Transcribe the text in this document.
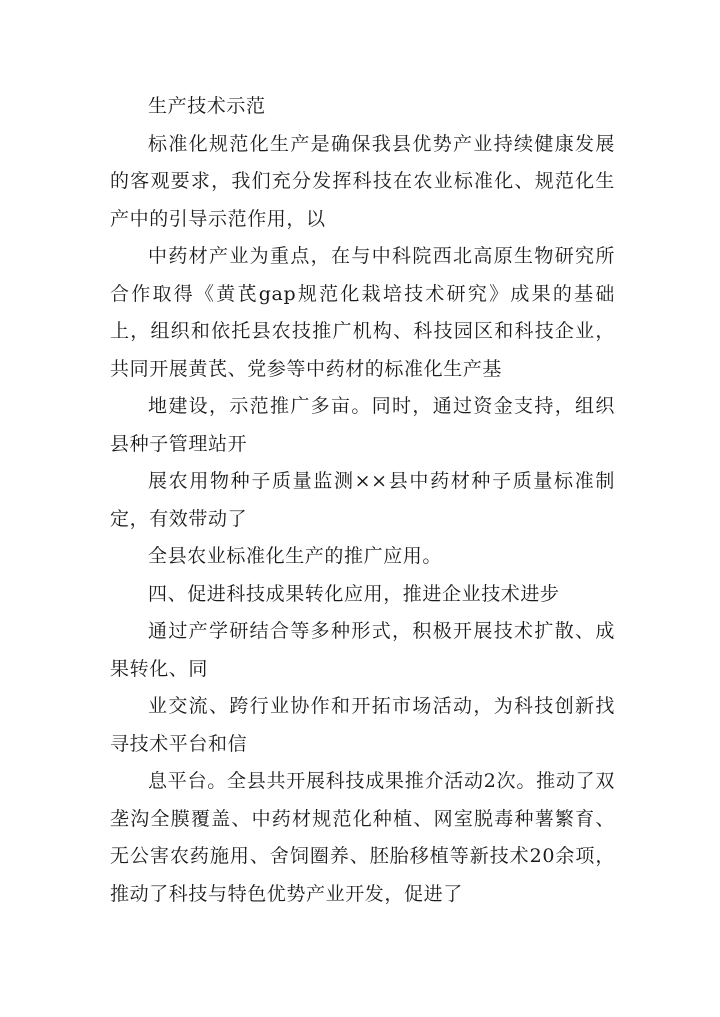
生产技术示范

标准化规范化生产是确保我县优势产业持续健康发展的客观要求，我们充分发挥科技在农业标准化、规范化生产中的引导示范作用，以

中药材产业为重点，在与中科院西北高原生物研究所合作取得《黄芪gap规范化栽培技术研究》成果的基础上，组织和依托县农技推广机构、科技园区和科技企业，共同开展黄芪、党参等中药材的标准化生产基

地建设，示范推广多亩。同时，通过资金支持，组织县种子管理站开

展农用物种子质量监测××县中药材种子质量标准制定，有效带动了

全县农业标准化生产的推广应用。

四、促进科技成果转化应用，推进企业技术进步

通过产学研结合等多种形式，积极开展技术扩散、成果转化、同

业交流、跨行业协作和开拓市场活动，为科技创新找寻技术平台和信

息平台。全县共开展科技成果推介活动2次。推动了双垄沟全膜覆盖、中药材规范化种植、网室脱毒种薯繁育、无公害农药施用、舍饲圈养、胚胎移植等新技术20余项，推动了科技与特色优势产业开发，促进了
